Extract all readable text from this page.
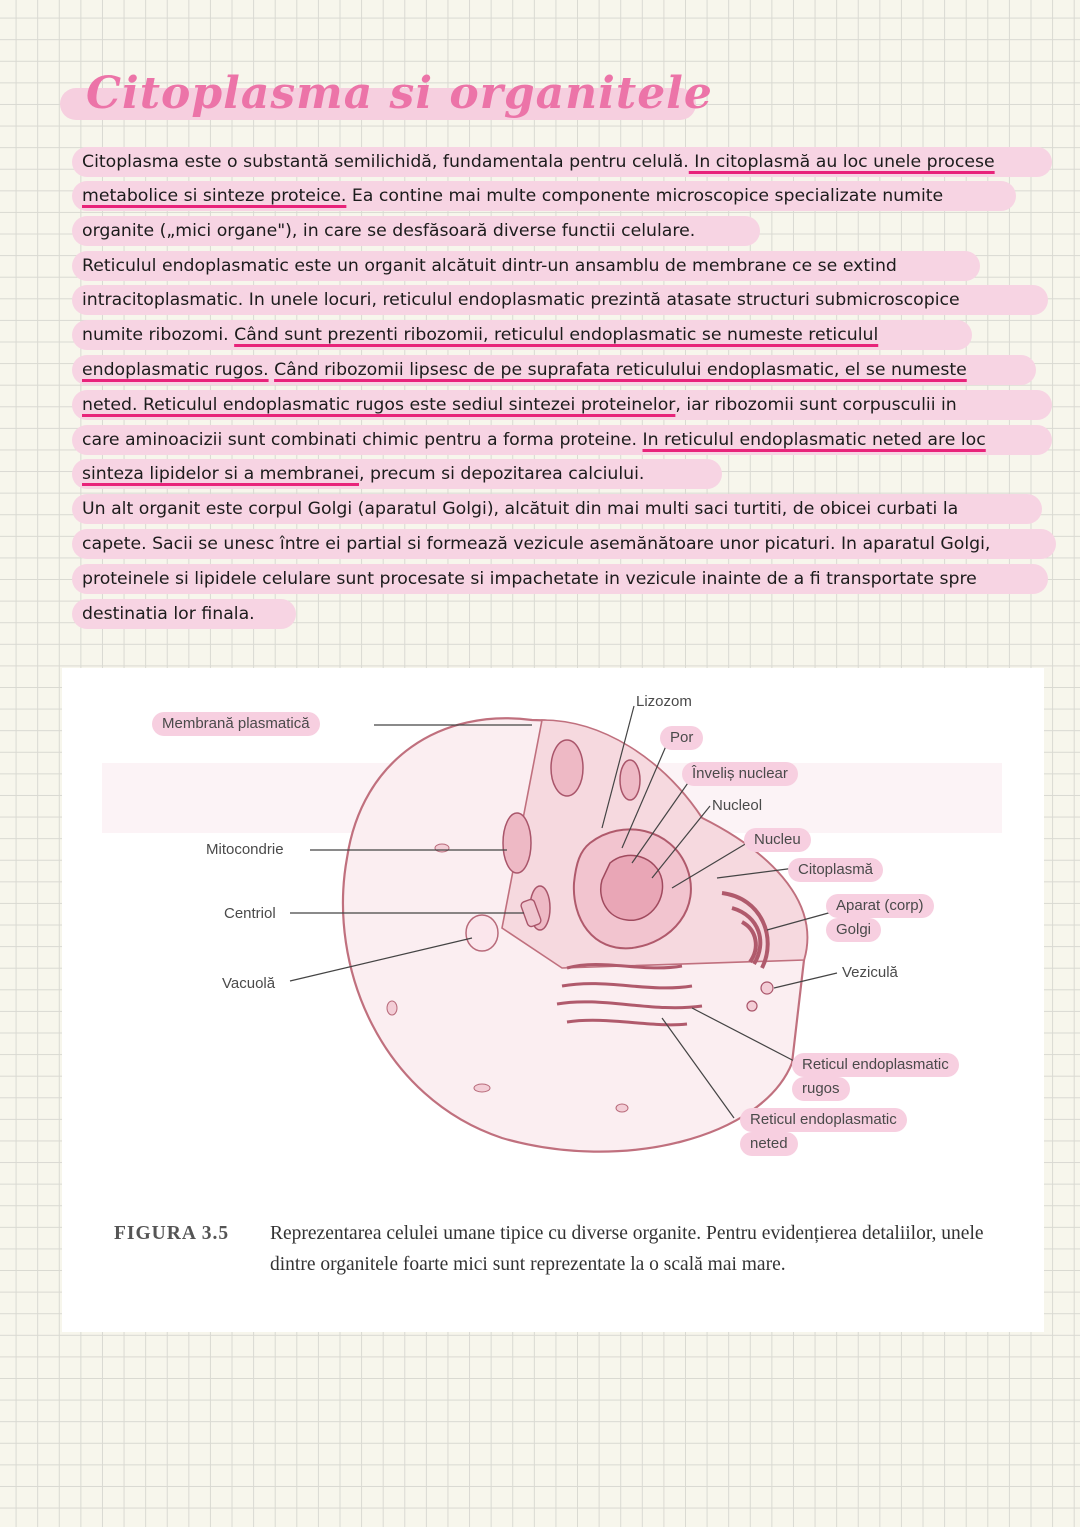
Citoplasma si organitele
Citoplasma este o substantă semilichidă, fundamentala pentru celulă. In citoplasmă au loc unele procese
metabolice si sinteze proteice. Ea contine mai multe componente microscopice specializate numite
organite („mici organe"), in care se desfăsoară diverse functii celulare.
Reticulul endoplasmatic este un organit alcătuit dintr-un ansamblu de membrane ce se extind
intracitoplasmatic. In unele locuri, reticulul endoplasmatic prezintă atasate structuri submicroscopice
numite ribozomi. Când sunt prezenti ribozomii, reticulul endoplasmatic se numeste reticulul
endoplasmatic rugos. Când ribozomii lipsesc de pe suprafata reticulului endoplasmatic, el se numeste
neted. Reticulul endoplasmatic rugos este sediul sintezei proteinelor, iar ribozomii sunt corpusculii in
care aminoacizii sunt combinati chimic pentru a forma proteine. In reticulul endoplasmatic neted are loc
sinteza lipidelor si a membranei, precum si depozitarea calciului.
Un alt organit este corpul Golgi (aparatul Golgi), alcătuit din mai multi saci turtiti, de obicei curbati la
capete. Sacii se unesc între ei partial si formează vezicule asemănătoare unor picaturi. In aparatul Golgi,
proteinele si lipidele celulare sunt procesate si impachetate in vezicule inainte de a fi transportate spre
destinatia lor finala.
Membrană plasmatică
Lizozom
Por
Înveliș nuclear
Nucleol
Nucleu
Citoplasmă
Mitocondrie
Centriol	Aparat (corp)
Golgi
Vacuolă
Veziculă
Reticul endoplasmatic
rugos
Reticul endoplasmatic
neted
FIGURA 3.5 Reprezentarea celulei umane tipice cu diverse organite. Pentru evidențierea detaliilor, unele dintre organitele foarte mici sunt reprezentate la o scală mai mare.
